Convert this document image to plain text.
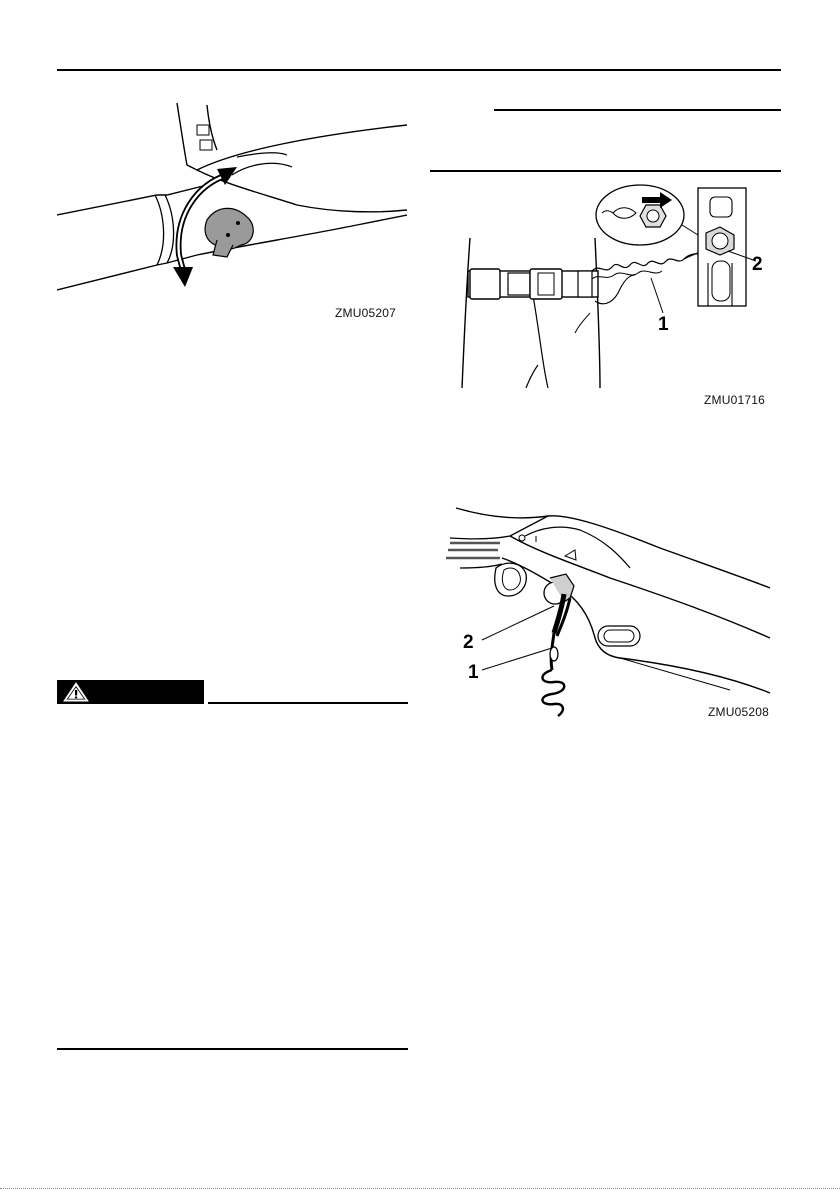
ZMU05207
1
2
ZMU01716
2
1
ZMU05208
